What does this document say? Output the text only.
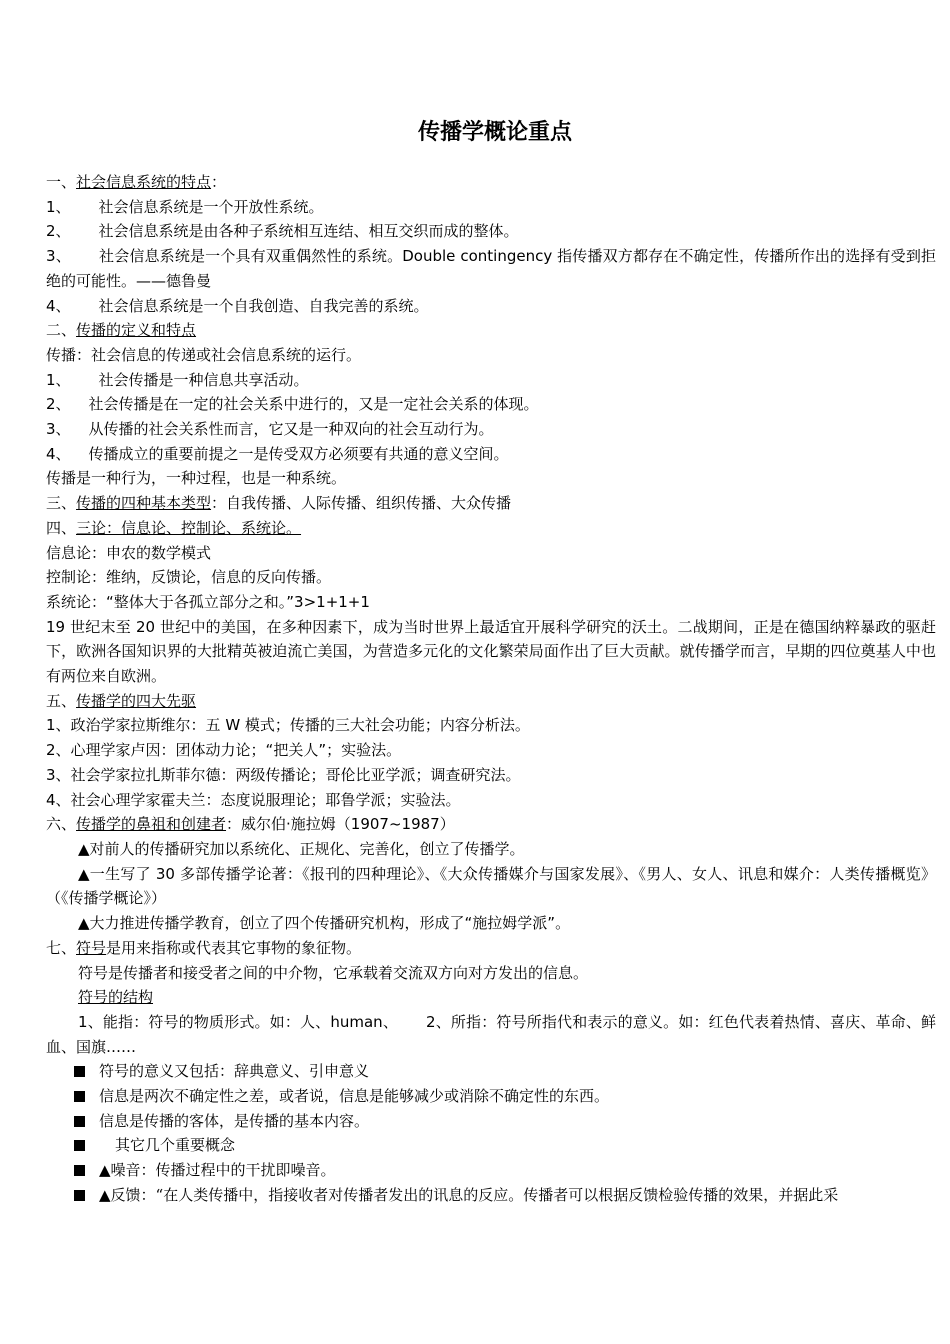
传播学概论重点
一、社会信息系统的特点：
1、 社会信息系统是一个开放性系统。
2、 社会信息系统是由各种子系统相互连结、相互交织而成的整体。
3、 社会信息系统是一个具有双重偶然性的系统。Double contingency 指传播双方都存在不确定性，传播所作出的选择有受到拒绝的可能性。——德鲁曼
4、 社会信息系统是一个自我创造、自我完善的系统。
二、传播的定义和特点
传播：社会信息的传递或社会信息系统的运行。
1、 社会传播是一种信息共享活动。
2、 社会传播是在一定的社会关系中进行的，又是一定社会关系的体现。
3、 从传播的社会关系性而言，它又是一种双向的社会互动行为。
4、 传播成立的重要前提之一是传受双方必须要有共通的意义空间。
传播是一种行为，一种过程，也是一种系统。
三、传播的四种基本类型：自我传播、人际传播、组织传播、大众传播
四、三论：信息论、控制论、系统论。
信息论：申农的数学模式
控制论：维纳，反馈论，信息的反向传播。
系统论：“整体大于各孤立部分之和。”3>1+1+1
19 世纪末至 20 世纪中的美国，在多种因素下，成为当时世界上最适宜开展科学研究的沃土。二战期间，正是在德国纳粹暴政的驱赶下，欧洲各国知识界的大批精英被迫流亡美国，为营造多元化的文化繁荣局面作出了巨大贡献。就传播学而言，早期的四位奠基人中也有两位来自欧洲。
五、传播学的四大先驱
1、政治学家拉斯维尔：五 W 模式；传播的三大社会功能；内容分析法。
2、心理学家卢因：团体动力论；“把关人”；实验法。
3、社会学家拉扎斯菲尔德：两级传播论；哥伦比亚学派；调查研究法。
4、社会心理学家霍夫兰：态度说服理论；耶鲁学派；实验法。
六、传播学的鼻祖和创建者：威尔伯·施拉姆（1907~1987）
▲对前人的传播研究加以系统化、正规化、完善化，创立了传播学。
▲一生写了 30 多部传播学论著：《报刊的四种理论》、《大众传播媒介与国家发展》、《男人、女人、讯息和媒介：人类传播概览》（《传播学概论》）
▲大力推进传播学教育，创立了四个传播研究机构，形成了“施拉姆学派”。
七、符号是用来指称或代表其它事物的象征物。
符号是传播者和接受者之间的中介物，它承载着交流双方向对方发出的信息。
符号的结构
1、能指：符号的物质形式。如：人、human、 2、所指：符号所指代和表示的意义。如：红色代表着热情、喜庆、革命、鲜血、国旗……
符号的意义又包括：辞典意义、引申意义
信息是两次不确定性之差，或者说，信息是能够减少或消除不确定性的东西。
信息是传播的客体，是传播的基本内容。
其它几个重要概念
▲噪音：传播过程中的干扰即噪音。
▲反馈：“在人类传播中，指接收者对传播者发出的讯息的反应。传播者可以根据反馈检验传播的效果，并据此采
